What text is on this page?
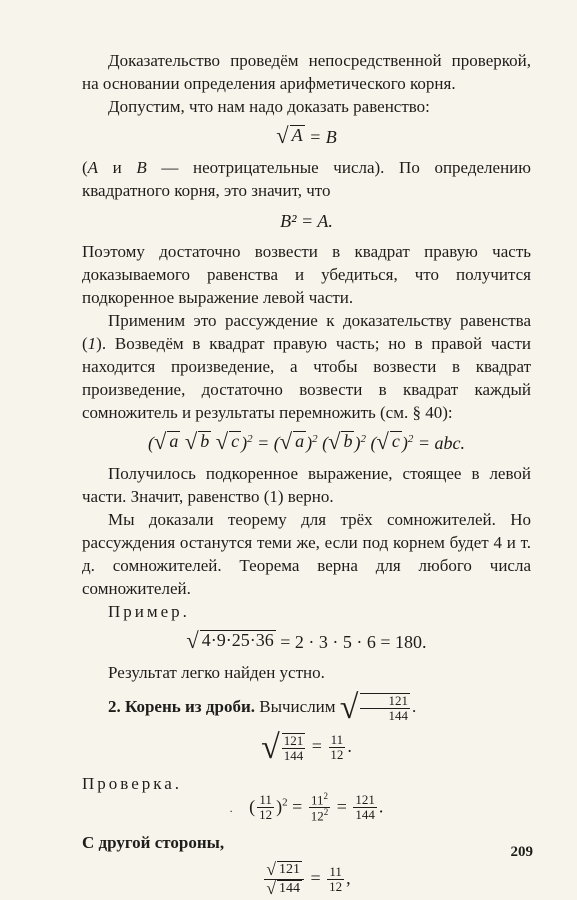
Доказательство проведём непосредственной проверкой, на основании определения арифметического корня.

Допустим, что нам надо доказать равенство:

√ A = B

(A и B — неотрицательные числа). По определению квадратного корня, это значит, что

B² = A.

Поэтому достаточно возвести в квадрат правую часть доказываемого равенства и убедиться, что получится подкоренное выражение левой части.

Применим это рассуждение к доказательству равенства (1). Возведём в квадрат правую часть; но в правой части находится произведение, а чтобы возвести в квадрат произведение, достаточно возвести в квадрат каждый сомножитель и результаты перемножить (см. § 40):

( √ a
√ b
√ c )$^2$ = ( √ a )$^2$ ( √ b )$^2$ ( √ c )$^2$ = abc.

Получилось подкоренное выражение, стоящее в левой части. Значит, равенство (1) верно.

Мы доказали теорему для трёх сомножителей. Но рассуждения останутся теми же, если под корнем будет 4 и т. д. сомножителей. Теорема верна для любого числа сомножителей.

Пример.

√ 4·9·25·36 = 2 · 3 · 5 · 6 = 180.

Результат легко найден устно.

2. Корень из дроби. Вычислим √ $\frac{121}{144}$ .

√ $\frac{121}{144} = \frac{11}{12}$ .

Проверка.

. ( $\frac{11}{12} )^2 = \frac{11^2}{12^2} = \frac{121}{144}$ .

С другой стороны,

$\frac{√ 121}{√ 144} = \frac{11}{12}$ ,
209
